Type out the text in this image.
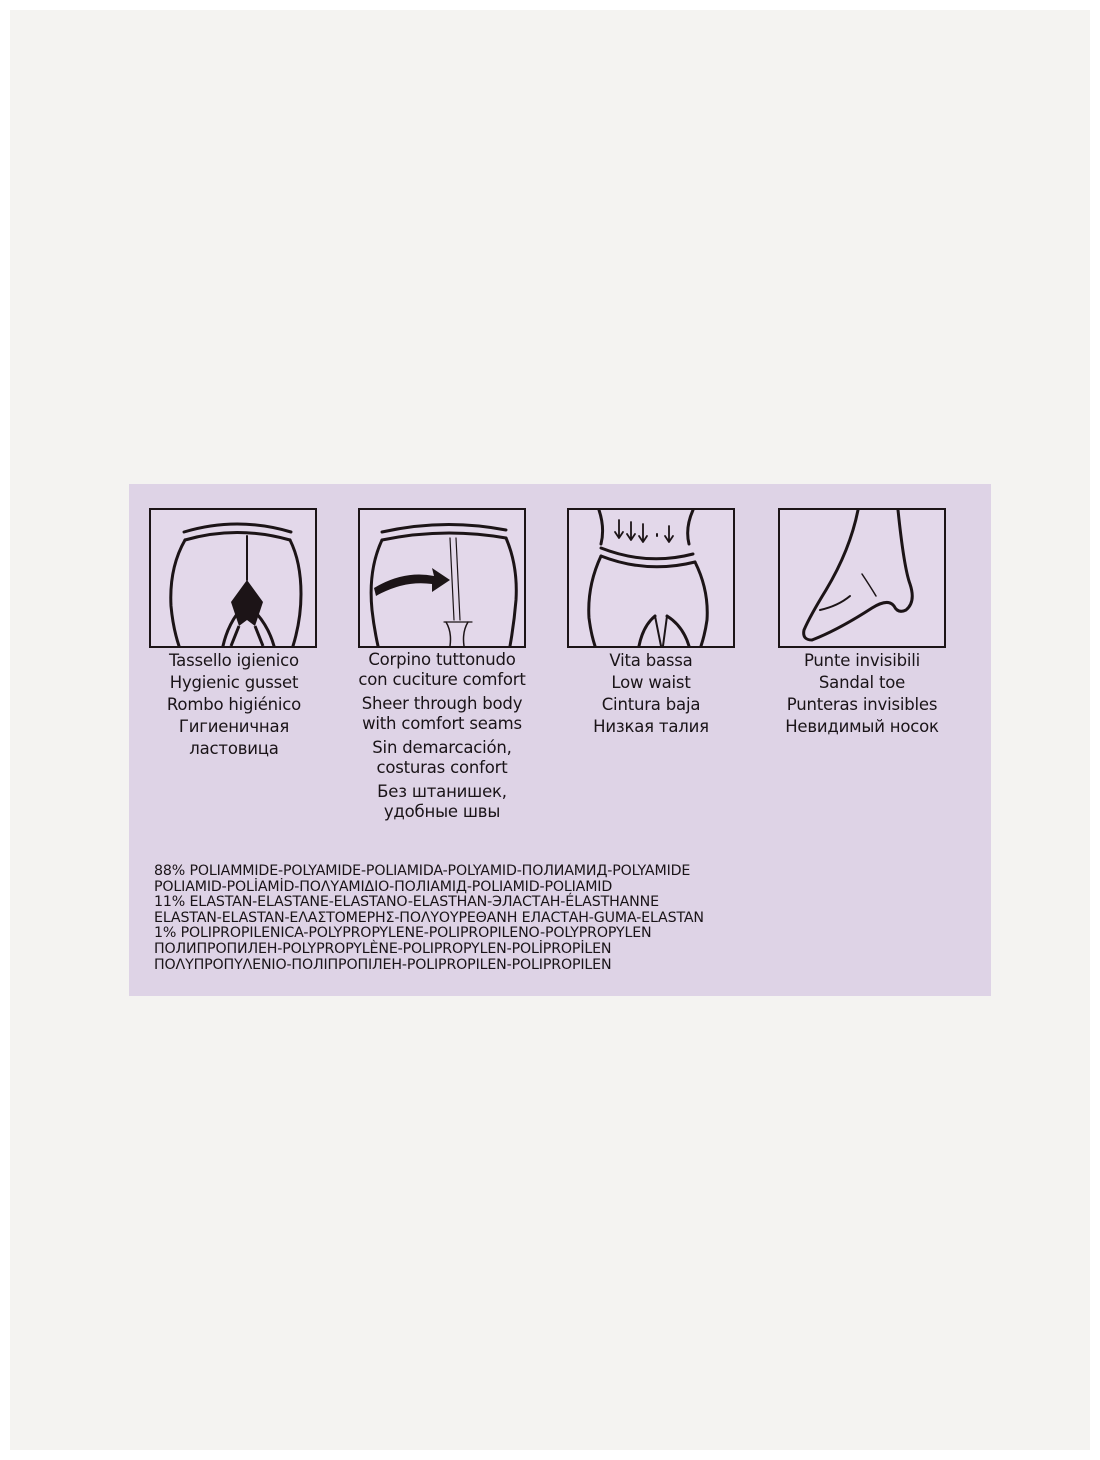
Tassello igienico
Hygienic gusset
Rombo higiénico
Гигиеничная
ластовица
Corpino tuttonudo
con cuciture comfort
Sheer through body
with comfort seams
Sin demarcación,
costuras confort
Без штанишек,
удобные швы
Vita bassa
Low waist
Cintura baja
Низкая талия
Punte invisibili
Sandal toe
Punteras invisibles
Невидимый носок
88% POLIAMMIDE-POLYAMIDE-POLIAMIDA-POLYAMID-ПОЛИАМИД-POLYAMIDE
POLIAMID-POLİAMİD-ΠΟΛΥΑΜΙΔΙΟ-ПОЛІАМІД-POLIAMID-POLIAMID
11% ELASTAN-ELASTANE-ELASTANO-ELASTHAN-ЭЛАСТАН-ÉLASTHANNE
ELASTAN-ELASTAN-ΕΛΑΣΤΟΜΕΡΗΣ-ΠΟΛΥΟΥΡΕΘΑΝΗ ЕЛАСТАН-GUMA-ELASTAN
1% POLIPROPILENICA-POLYPROPYLENE-POLIPROPILENO-POLYPROPYLEN
ПОЛИПРОПИЛЕН-POLYPROPYLÈNE-POLIPROPYLEN-POLİPROPİLEN
ΠΟΛΥΠΡΟΠΥΛΕΝΙΟ-ПОЛІПРОПІЛЕН-POLIPROPILEN-POLIPROPILEN
